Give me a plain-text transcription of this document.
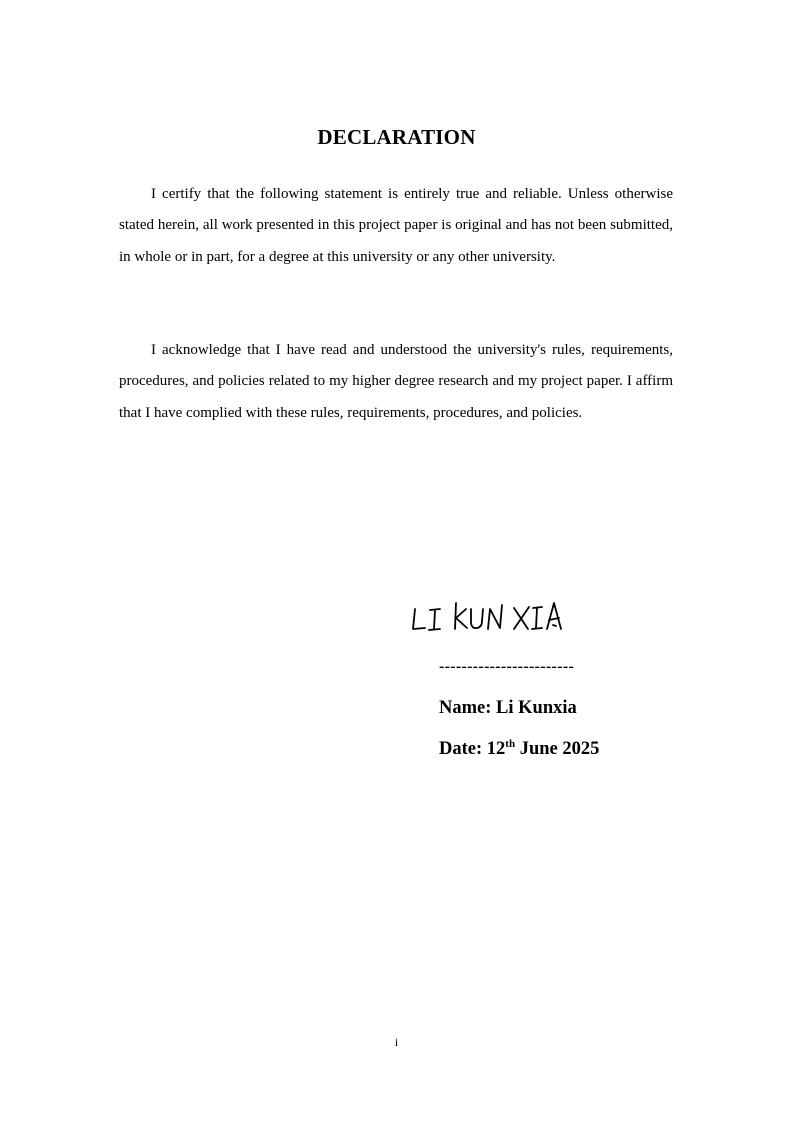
DECLARATION

I certify that the following statement is entirely true and reliable. Unless otherwise stated herein, all work presented in this project paper is original and has not been submitted, in whole or in part, for a degree at this university or any other university.

I acknowledge that I have read and understood the university's rules, requirements, procedures, and policies related to my higher degree research and my project paper. I affirm that I have complied with these rules, requirements, procedures, and policies.

------------------------

Name: Li Kunxia

Date: 12th June 2025

i
